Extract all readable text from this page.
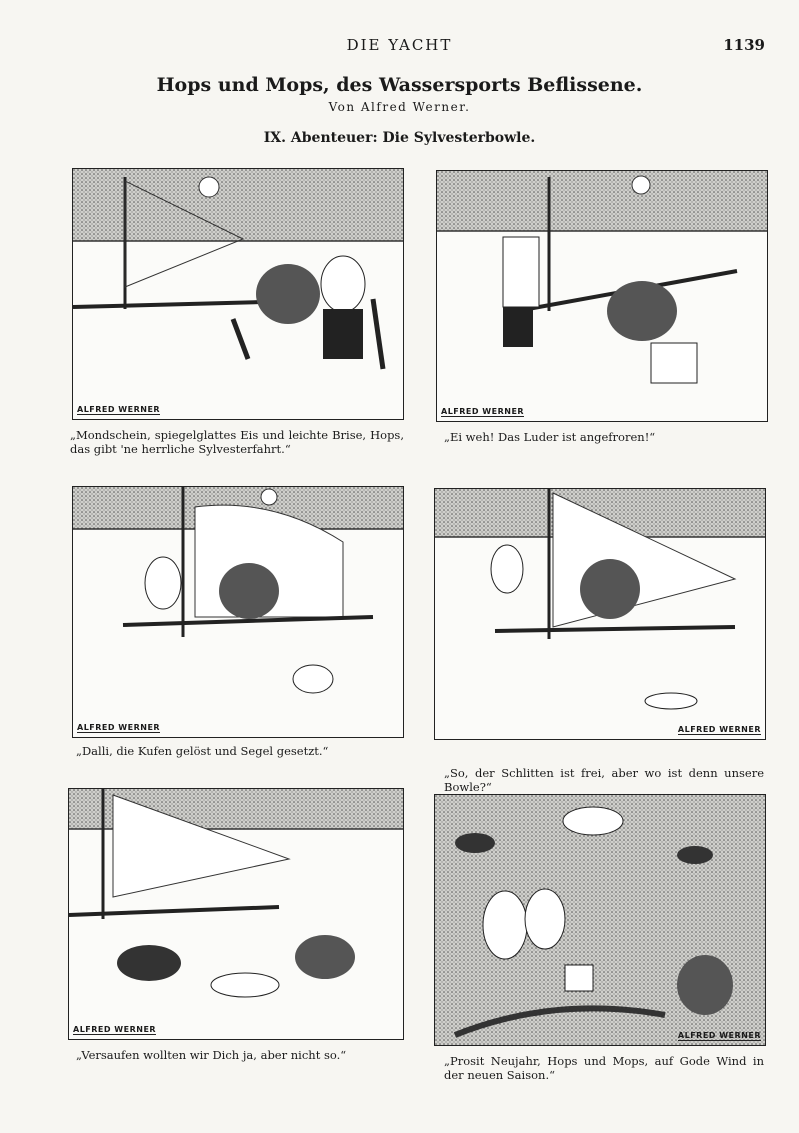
DIE YACHT	1139
Hops und Mops, des Wassersports Beflissene.
Von Alfred Werner.
IX. Abenteuer: Die Sylvesterbowle.
ALFRED WERNER
„Mondschein, spiegelglattes Eis und leichte Brise, Hops, das gibt 'ne herrliche Sylvesterfahrt.“
ALFRED WERNER
„Ei weh! Das Luder ist angefroren!“
ALFRED WERNER
„Dalli, die Kufen gelöst und Segel gesetzt.“
ALFRED WERNER
„So, der Schlitten ist frei, aber wo ist denn unsere Bowle?“
ALFRED WERNER
„Versaufen wollten wir Dich ja, aber nicht so.“
ALFRED WERNER
„Prosit Neujahr, Hops und Mops, auf Gode Wind in der neuen Saison.“
